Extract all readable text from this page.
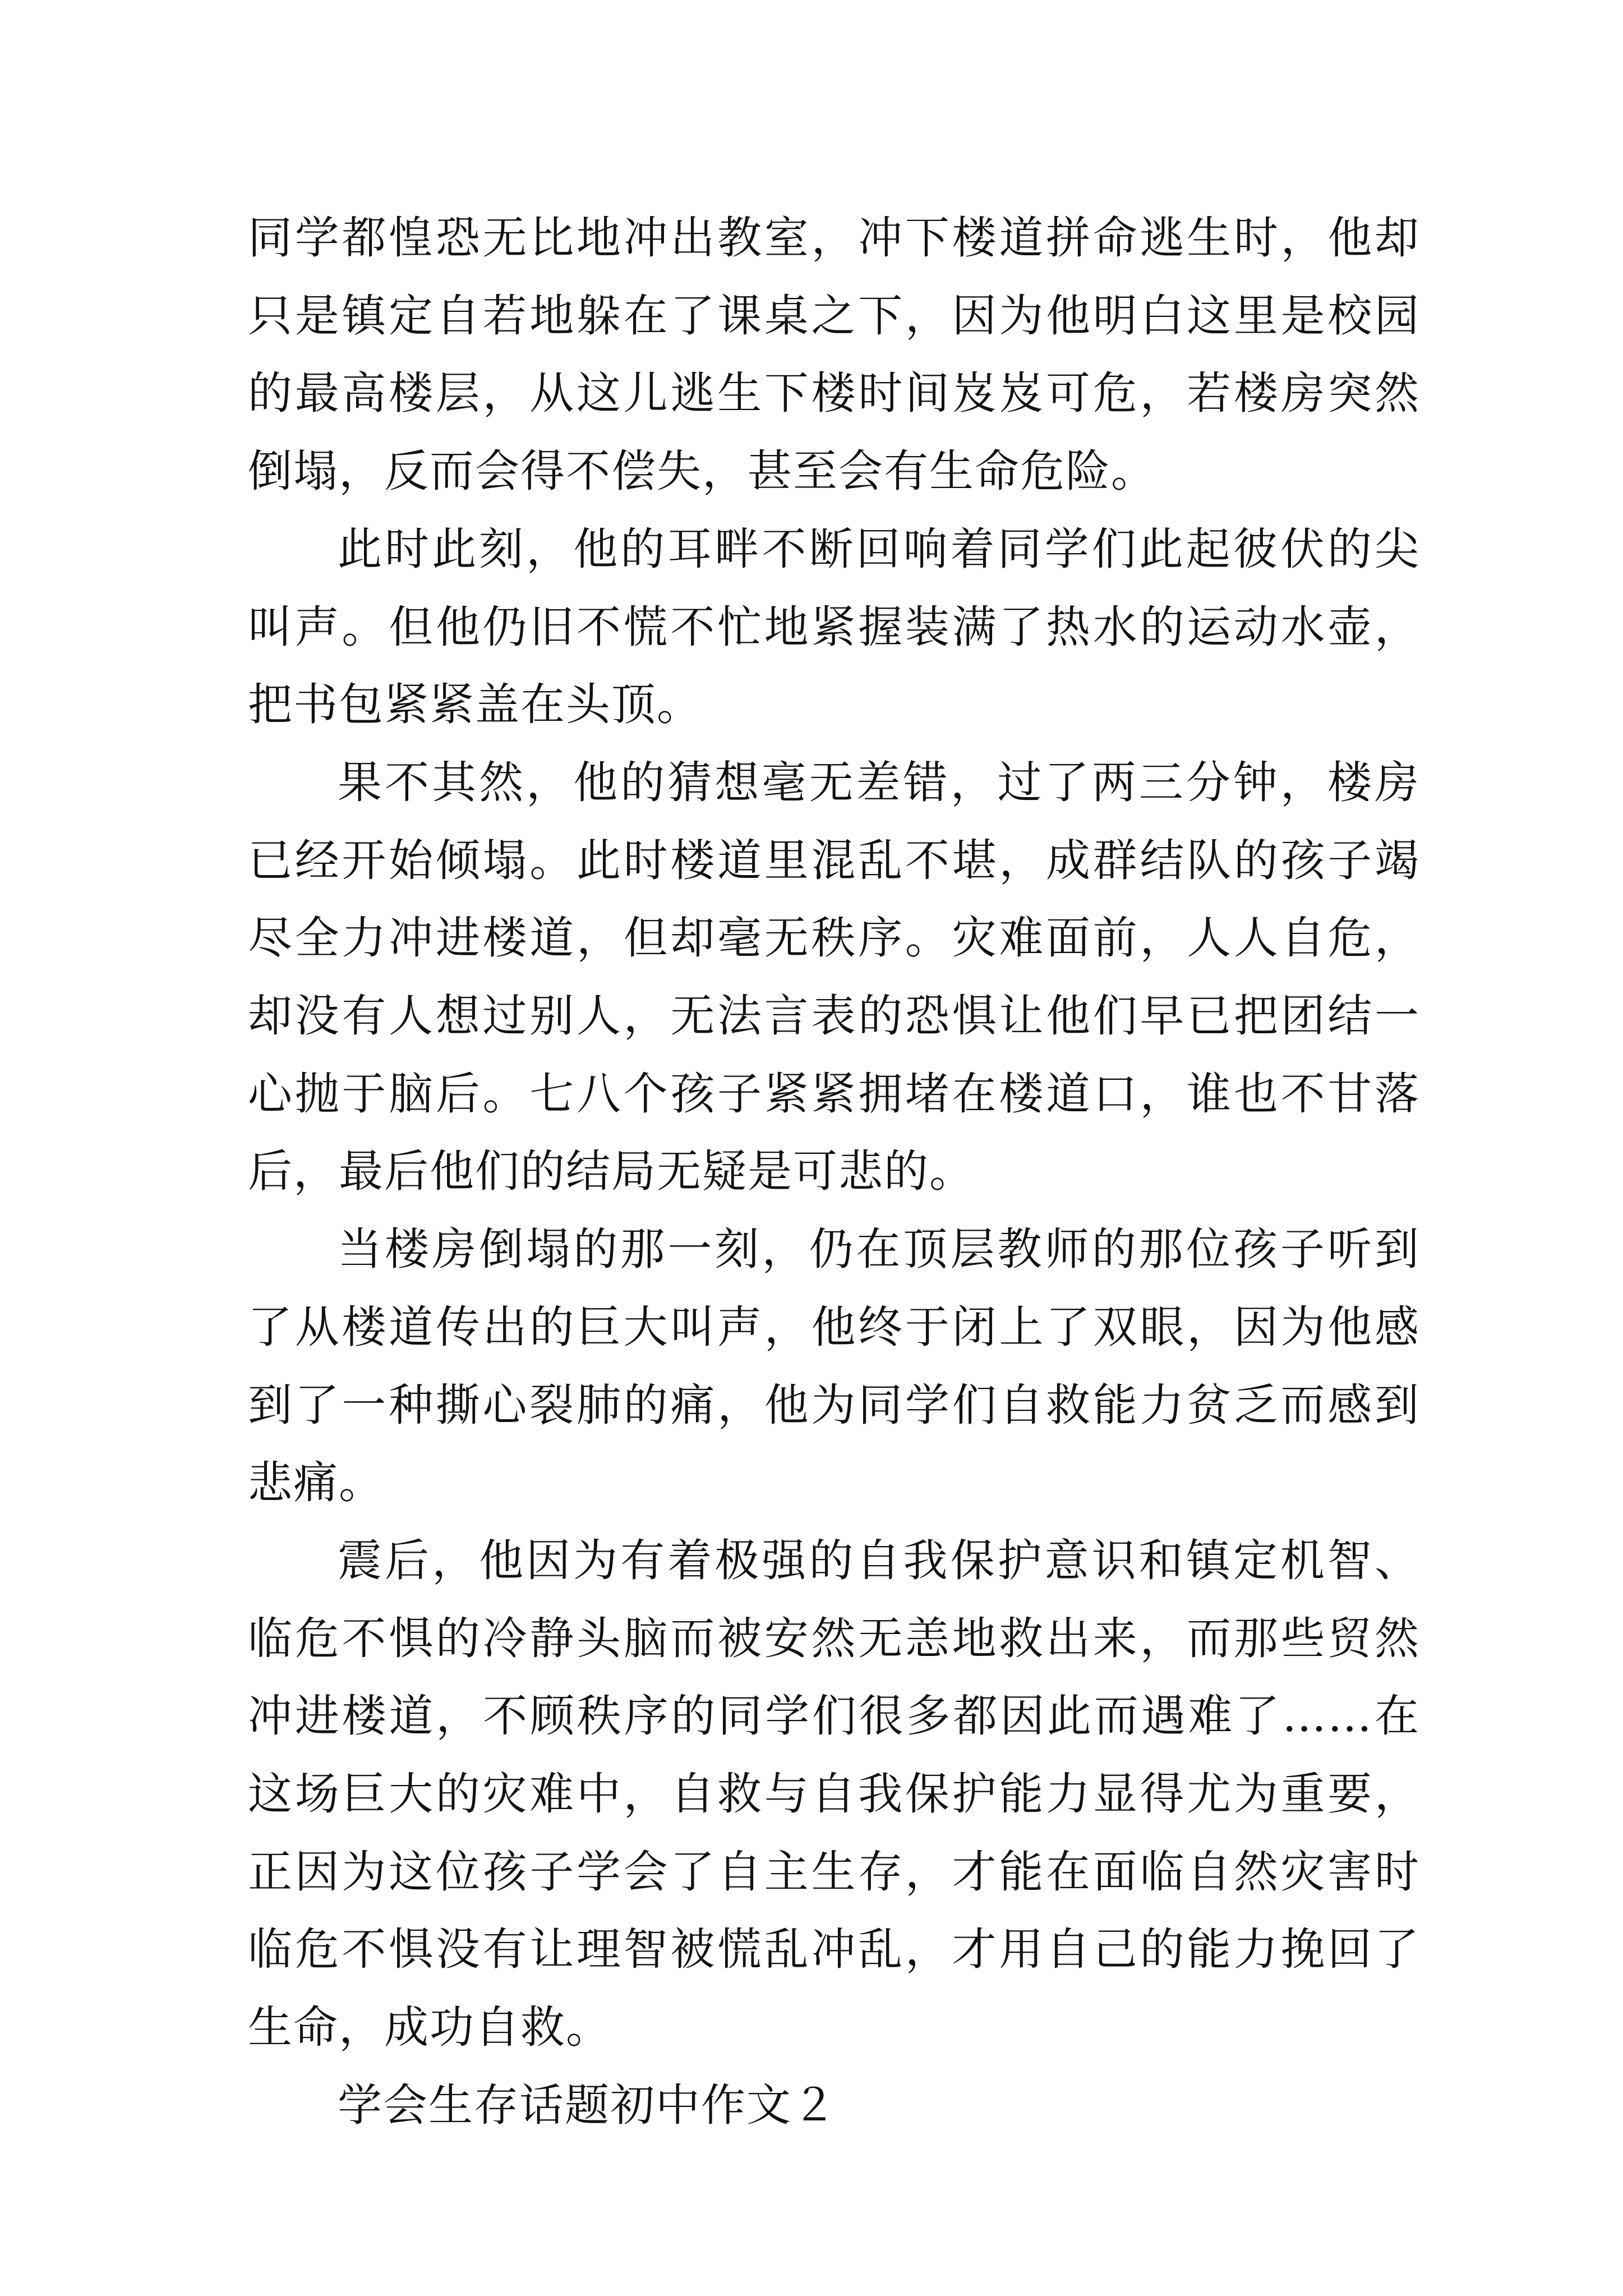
同学都惶恐无比地冲出教室，冲下楼道拼命逃生时，他却只是镇定自若地躲在了课桌之下，因为他明白这里是校园的最高楼层，从这儿逃生下楼时间岌岌可危，若楼房突然倒塌，反而会得不偿失，甚至会有生命危险。

此时此刻，他的耳畔不断回响着同学们此起彼伏的尖叫声。但他仍旧不慌不忙地紧握装满了热水的运动水壶，把书包紧紧盖在头顶。

果不其然，他的猜想毫无差错，过了两三分钟，楼房已经开始倾塌。此时楼道里混乱不堪，成群结队的孩子竭尽全力冲进楼道，但却毫无秩序。灾难面前，人人自危，却没有人想过别人，无法言表的恐惧让他们早已把团结一心抛于脑后。七八个孩子紧紧拥堵在楼道口，谁也不甘落后，最后他们的结局无疑是可悲的。

当楼房倒塌的那一刻，仍在顶层教师的那位孩子听到了从楼道传出的巨大叫声，他终于闭上了双眼，因为他感到了一种撕心裂肺的痛，他为同学们自救能力贫乏而感到悲痛。

震后，他因为有着极强的自我保护意识和镇定机智、临危不惧的冷静头脑而被安然无恙地救出来，而那些贸然冲进楼道，不顾秩序的同学们很多都因此而遇难了……在这场巨大的灾难中，自救与自我保护能力显得尤为重要，正因为这位孩子学会了自主生存，才能在面临自然灾害时临危不惧没有让理智被慌乱冲乱，才用自己的能力挽回了生命，成功自救。

学会生存话题初中作文２
